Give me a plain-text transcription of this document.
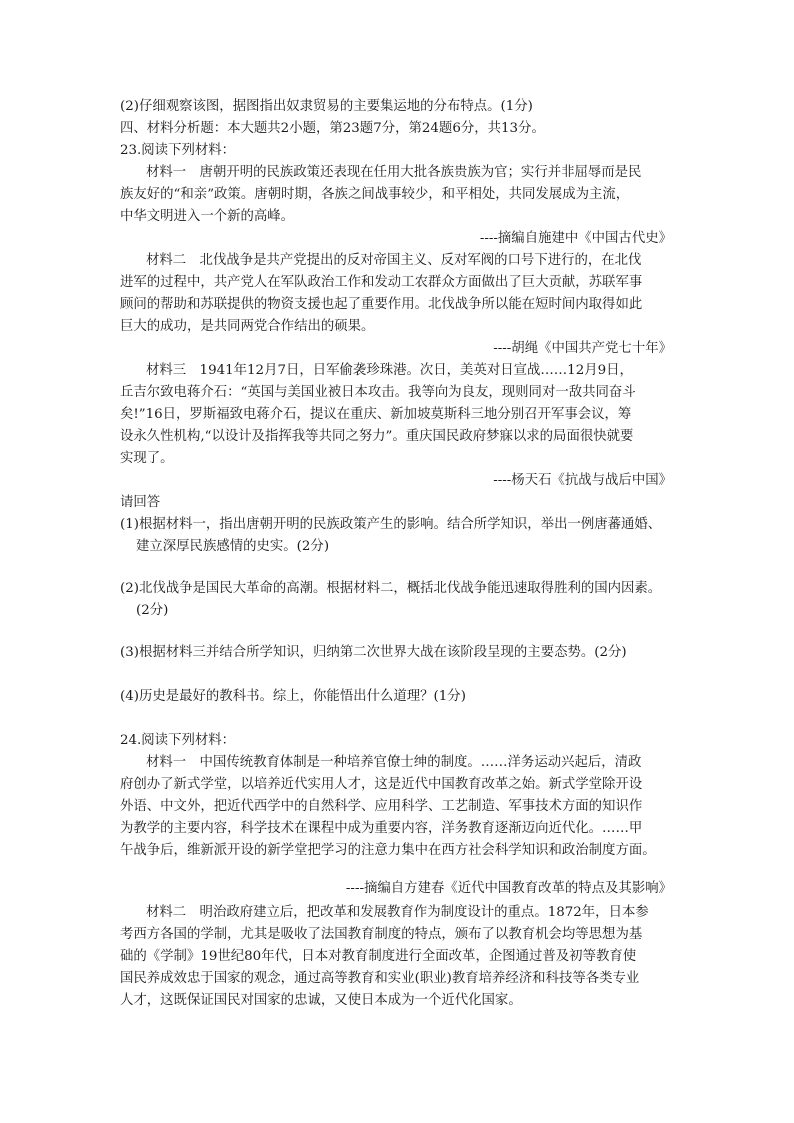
(2)仔细观察该图，据图指出奴隶贸易的主要集运地的分布特点。(1分)
四、材料分析题：本大题共2小题，第23题7分，第24题6分，共13分。
23.阅读下列材料：
材料一　唐朝开明的民族政策还表现在任用大批各族贵族为官；实行并非屈辱而是民
族友好的“和亲”政策。唐朝时期，各族之间战事较少，和平相处，共同发展成为主流，
中华文明进入一个新的高峰。
----摘编自施建中《中国古代史》
材料二　北伐战争是共产党提出的反对帝国主义、反对军阀的口号下进行的，在北伐
进军的过程中，共产党人在军队政治工作和发动工农群众方面做出了巨大贡献，苏联军事
顾问的帮助和苏联提供的物资支援也起了重要作用。北伐战争所以能在短时间内取得如此
巨大的成功，是共同两党合作结出的硕果。
----胡绳《中国共产党七十年》
材料三　1941年12月7日，日军偷袭珍珠港。次日，美英对日宣战……12月9日，
丘吉尔致电蒋介石：“英国与美国业被日本攻击。我等向为良友，现则同对一敌共同奋斗
矣!”16日，罗斯福致电蒋介石，提议在重庆、新加坡莫斯科三地分别召开军事会议，筹
设永久性机构,“以设计及指挥我等共同之努力”。重庆国民政府梦寐以求的局面很快就要
实现了。
----杨天石《抗战与战后中国》
请回答
(1)根据材料一，指出唐朝开明的民族政策产生的影响。结合所学知识，举出一例唐蕃通婚、
建立深厚民族感情的史实。(2分)
(2)北伐战争是国民大革命的高潮。根据材料二，概括北伐战争能迅速取得胜利的国内因素。
(2分)
(3)根据材料三并结合所学知识，归纳第二次世界大战在该阶段呈现的主要态势。(2分)
(4)历史是最好的教科书。综上，你能悟出什么道理？(1分)
24.阅读下列材料：
材料一　中国传统教育体制是一种培养官僚士绅的制度。……洋务运动兴起后，清政
府创办了新式学堂，以培养近代实用人才，这是近代中国教育改革之始。新式学堂除开设
外语、中文外，把近代西学中的自然科学、应用科学、工艺制造、军事技术方面的知识作
为教学的主要内容，科学技术在课程中成为重要内容，洋务教育逐渐迈向近代化。……甲
午战争后，维新派开设的新学堂把学习的注意力集中在西方社会科学知识和政治制度方面。
----摘编自方建春《近代中国教育改革的特点及其影响》
材料二　明治政府建立后，把改革和发展教育作为制度设计的重点。1872年，日本参
考西方各国的学制，尤其是吸收了法国教育制度的特点，颁布了以教育机会均等思想为基
础的《学制》19世纪80年代，日本对教育制度进行全面改革，企图通过普及初等教育使
国民养成效忠于国家的观念，通过高等教育和实业(职业)教育培养经济和科技等各类专业
人才，这既保证国民对国家的忠诚，又使日本成为一个近代化国家。
